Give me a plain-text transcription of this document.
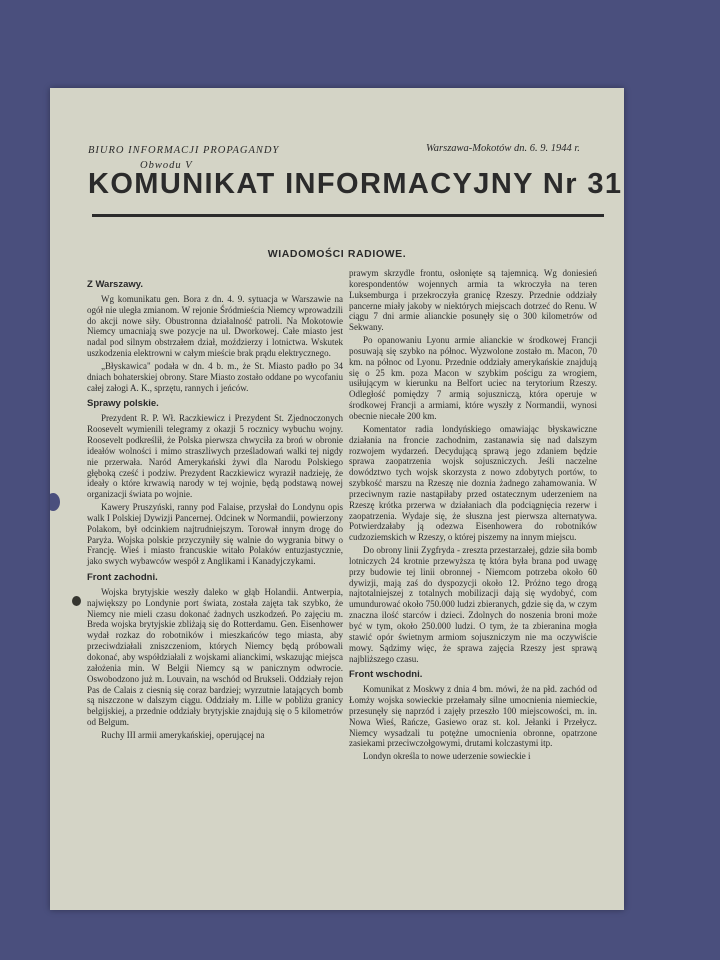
BIURO INFORMACJI PROPAGANDY
Obwodu V
Warszawa-Mokotów dn. 6. 9. 1944 r.
KOMUNIKAT INFORMACYJNY Nr 31
WIADOMOŚCI RADIOWE.
Z Warszawy.

Wg komunikatu gen. Bora z dn. 4. 9. sytuacja w Warszawie na ogół nie uległa zmianom. W rejonie Śródmieścia Niemcy wprowadzili do akcji nowe siły. Obustronna działalność patroli. Na Mokotowie Niemcy umacniają swe pozycje na ul. Dworkowej. Całe miasto jest nadal pod silnym obstrzałem dział, moździerzy i lotnictwa. Wskutek uszkodzenia elektrowni w całym mieście brak prądu elektrycznego.

„Błyskawica" podała w dn. 4 b. m., że St. Miasto padło po 34 dniach bohaterskiej obrony. Stare Miasto zostało oddane po wycofaniu całej załogi A. K., sprzętu, rannych i jeńców.

Sprawy polskie.

Prezydent R. P. Wł. Raczkiewicz i Prezydent St. Zjednoczonych Roosevelt wymienili telegramy z okazji 5 rocznicy wybuchu wojny. Roosevelt podkreślił, że Polska pierwsza chwyciła za broń w obronie ideałów wolności i mimo straszliwych prześladowań walki tej nigdy nie przerwała. Naród Amerykański żywi dla Narodu Polskiego głęboką cześć i podziw. Prezydent Raczkiewicz wyraził nadzieję, że ideały o które krwawią narody w tej wojnie, będą podstawą nowej organizacji świata po wojnie.

Kawery Pruszyński, ranny pod Falaise, przysłał do Londynu opis walk I Polskiej Dywizji Pancernej. Odcinek w Normandii, powierzony Polakom, był odcinkiem najtrudniejszym. Torował innym drogę do Paryża. Wojska polskie przyczyniły się walnie do wygrania bitwy o Francję. Wieś i miasto francuskie witało Polaków entuzjastycznie, jako swych wybawców wespół z Anglikami i Kanadyjczykami.

Front zachodni.

Wojska brytyjskie weszły daleko w głąb Holandii. Antwerpia, największy po Londynie port świata, została zajęta tak szybko, że Niemcy nie mieli czasu dokonać żadnych uszkodzeń. Po zajęciu m. Breda wojska brytyjskie zbliżają się do Rotterdamu. Gen. Eisenhower wydał rozkaz do robotników i mieszkańców tego miasta, aby przeciwdziałali zniszczeniom, których Niemcy będą próbowali dokonać, aby współdziałali z wojskami alianckimi, wskazując miejsca założenia min. W Belgii Niemcy są w panicznym odwrocie. Oswobodzono już m. Louvain, na wschód od Brukseli. Oddziały rejon Pas de Calais z ciesnią się coraz bardziej; wyrzutnie latających bomb są niszczone w dalszym ciągu. Oddziały m. Lille w pobliżu granicy belgijskiej, a przednie oddziały brytyjskie znajdują się o 5 kilometrów od Belgum.

Ruchy III armii amerykańskiej, operującej na

prawym skrzydle frontu, osłonięte są tajemnicą. Wg doniesień korespondentów wojennych armia ta wkroczyła na teren Luksemburga i przekroczyła granicę Rzeszy. Przednie oddziały pancerne miały jakoby w niektórych miejscach dotrzeć do Renu. W ciągu 7 dni armie alianckie posunęły się o 300 kilometrów od Sekwany.

Po opanowaniu Lyonu armie alianckie w środkowej Francji posuwają się szybko na północ. Wyzwolone zostało m. Macon, 70 km. na północ od Lyonu. Przednie oddziały amerykańskie znajdują się o 25 km. poza Macon w szybkim pościgu za wrogiem, usiłującym w kierunku na Belfort uciec na terytorium Rzeszy. Odległość pomiędzy 7 armią sojuszniczą, która operuje w środkowej Francji a armiami, które wyszły z Normandii, wynosi obecnie niecałe 200 km.

Komentator radia londyńskiego omawiając błyskawiczne działania na froncie zachodnim, zastanawia się nad dalszym rozwojem wydarzeń. Decydującą sprawą jego zdaniem będzie sprawa zaopatrzenia wojsk sojuszniczych. Jeśli naczelne dowództwo tych wojsk skorzysta z nowo zdobytych portów, to szybkość marszu na Rzeszę nie doznia żadnego zahamowania. W przeciwnym razie nastąpiłaby przed ostatecznym uderzeniem na Rzeszę krótka przerwa w działaniach dla podciągnięcia rezerw i zaopatrzenia. Wydaje się, że słuszna jest pierwsza alternatywa. Potwierdzałaby ją odezwa Eisenhowera do robotników cudzoziemskich w Rzeszy, o której piszemy na innym miejscu.

Do obrony linii Zygfryda - zreszta przestarzałej, gdzie siła bomb lotniczych 24 krotnie przewyższa tę która była brana pod uwagę przy budowie tej linii obronnej - Niemcom potrzeba około 60 dywizji, mają zaś do dyspozycji około 12. Próżno tego drogą najtotalniejszej z totalnych mobilizacji dają się wydobyć, com umundurować około 750.000 ludzi zbieranych, gdzie się da, w czym znaczna ilość starców i dzieci. Zdolnych do noszenia broni może być w tym, około 250.000 ludzi. O tym, że ta zbieranina mogła stawić opór świetnym armiom sojuszniczym nie ma oczywiście mowy. Sądzimy więc, że sprawa zajęcia Rzeszy jest sprawą najbliższego czasu.

Front wschodni.

Komunikat z Moskwy z dnia 4 bm. mówi, że na płd. zachód od Łomży wojska sowieckie przełamały silne umocnienia niemieckie, przesunęły się naprzód i zajęły przeszło 100 miejscowości, m. in. Nowa Wieś, Rańcze, Gasiewo oraz st. kol. Jełanki i Przełycz. Niemcy wysadzali tu potężne umocnienia obronne, opatrzone zasiekami przeciwczołgowymi, drutami kolczastymi itp.

Londyn określa to nowe uderzenie sowieckie i
